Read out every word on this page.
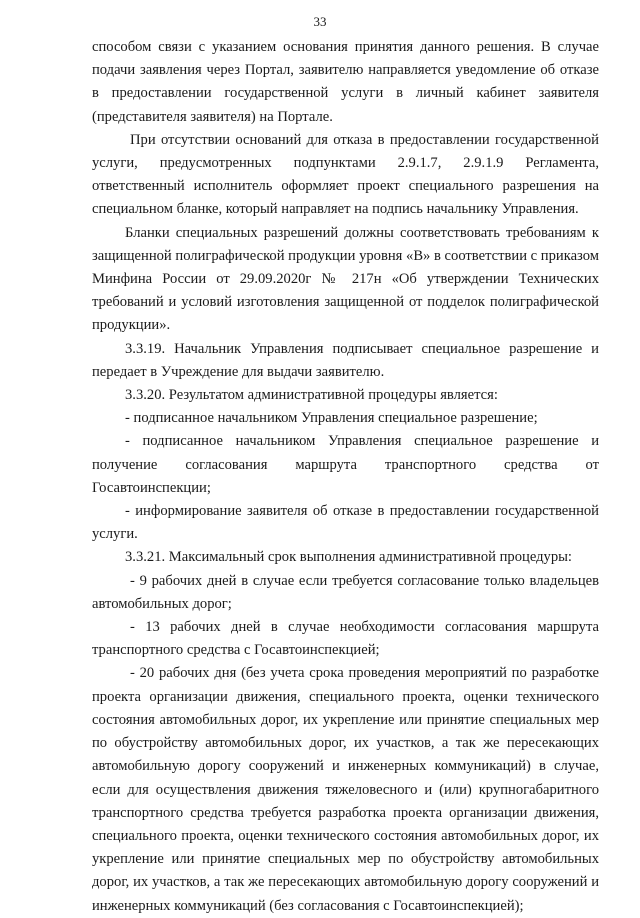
33

способом связи с указанием основания принятия данного решения. В случае подачи заявления через Портал, заявителю направляется уведомление об отказе в предоставлении государственной услуги в личный кабинет заявителя (представителя заявителя) на Портале.

При отсутствии оснований для отказа в предоставлении государственной услуги, предусмотренных подпунктами 2.9.1.7, 2.9.1.9 Регламента, ответственный исполнитель оформляет проект специального разрешения на специальном бланке, который направляет на подпись начальнику Управления.

Бланки специальных разрешений должны соответствовать требованиям к защищенной полиграфической продукции уровня «В» в соответствии с приказом Минфина России от 29.09.2020г № 217н «Об утверждении Технических требований и условий изготовления защищенной от подделок полиграфической продукции».

3.3.19. Начальник Управления подписывает специальное разрешение и передает в Учреждение для выдачи заявителю.

3.3.20. Результатом административной процедуры является:

- подписанное начальником Управления специальное разрешение;

- подписанное начальником Управления специальное разрешение и получение согласования маршрута транспортного средства от Госавтоинспекции;

- информирование заявителя об отказе в предоставлении государственной услуги.

3.3.21. Максимальный срок выполнения административной процедуры:

- 9 рабочих дней в случае если требуется согласование только владельцев автомобильных дорог;

- 13 рабочих дней в случае необходимости согласования маршрута транспортного средства с Госавтоинспекцией;

- 20 рабочих дня (без учета срока проведения мероприятий по разработке проекта организации движения, специального проекта, оценки технического состояния автомобильных дорог, их укрепление или принятие специальных мер по обустройству автомобильных дорог, их участков, а так же пересекающих автомобильную дорогу сооружений и инженерных коммуникаций) в случае, если для осуществления движения тяжеловесного и (или) крупногабаритного транспортного средства требуется разработка проекта организации движения, специального проекта, оценки технического состояния автомобильных дорог, их укрепление или принятие специальных мер по обустройству автомобильных дорог, их участков, а так же пересекающих автомобильную дорогу сооружений и инженерных коммуникаций (без согласования с Госавтоинспекцией);
